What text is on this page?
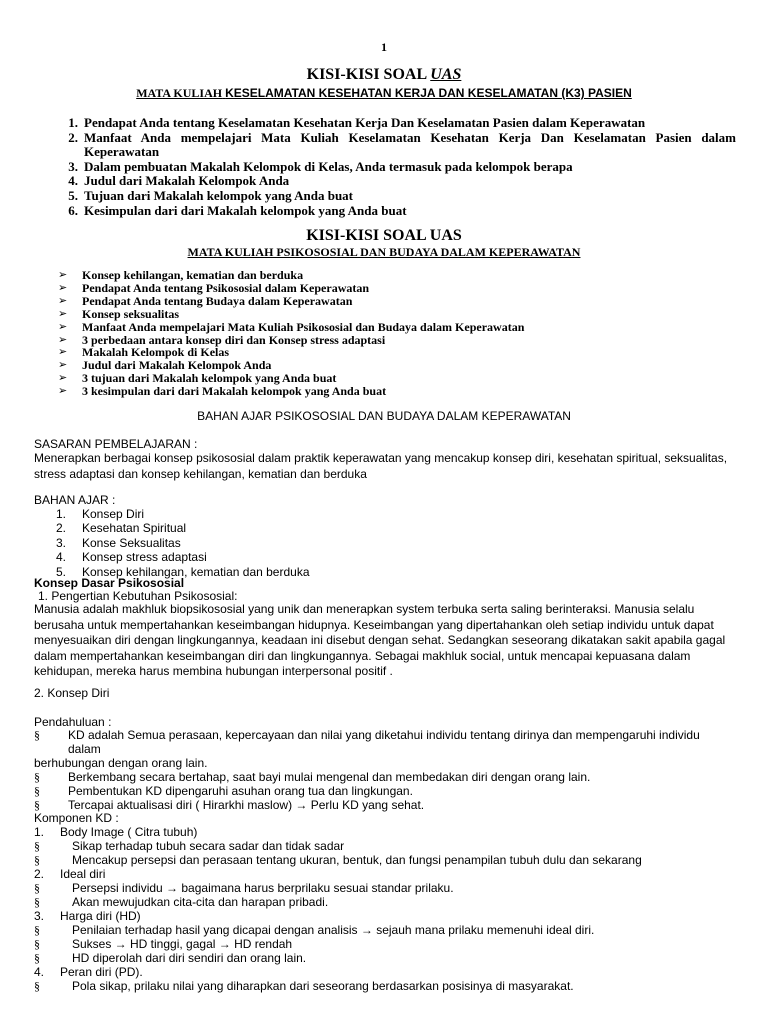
1
KISI-KISI SOAL UAS
MATA KULIAH KESELAMATAN KESEHATAN KERJA DAN KESELAMATAN (K3) PASIEN
1. Pendapat Anda tentang Keselamatan Kesehatan Kerja Dan Keselamatan Pasien dalam Keperawatan
2. Manfaat Anda mempelajari Mata Kuliah Keselamatan Kesehatan Kerja Dan Keselamatan Pasien dalam Keperawatan
3. Dalam pembuatan Makalah Kelompok di Kelas, Anda termasuk pada kelompok berapa
4. Judul dari Makalah Kelompok Anda
5. Tujuan dari Makalah kelompok yang Anda buat
6. Kesimpulan dari dari Makalah kelompok yang Anda buat
KISI-KISI SOAL UAS
MATA KULIAH PSIKOSOSIAL DAN BUDAYA DALAM KEPERAWATAN
➢ Konsep kehilangan, kematian dan berduka
➢ Pendapat Anda tentang Psikososial dalam Keperawatan
➢ Pendapat Anda tentang Budaya dalam Keperawatan
➢ Konsep seksualitas
➢ Manfaat Anda mempelajari Mata Kuliah Psikososial dan Budaya dalam Keperawatan
➢ 3 perbedaan antara konsep diri dan Konsep stress adaptasi
➢ Makalah Kelompok di Kelas
➢ Judul dari Makalah Kelompok Anda
➢ 3 tujuan dari Makalah kelompok yang Anda buat
➢ 3 kesimpulan dari dari Makalah kelompok yang Anda buat
BAHAN AJAR PSIKOSOSIAL DAN BUDAYA DALAM KEPERAWATAN
SASARAN PEMBELAJARAN :
Menerapkan berbagai konsep psikososial dalam praktik keperawatan yang mencakup konsep diri, kesehatan spiritual, seksualitas, stress adaptasi dan konsep kehilangan, kematian dan berduka
BAHAN AJAR :
1. Konsep Diri
2. Kesehatan Spiritual
3. Konse Seksualitas
4. Konsep stress adaptasi
5. Konsep kehilangan, kematian dan berduka
Konsep Dasar Psikososial
1. Pengertian Kebutuhan Psikososial:
Manusia adalah makhluk biopsikososial yang unik dan menerapkan system terbuka serta saling berinteraksi. Manusia selalu berusaha untuk mempertahankan keseimbangan hidupnya. Keseimbangan yang dipertahankan oleh setiap individu untuk dapat menyesuaikan diri dengan lingkungannya, keadaan ini disebut dengan sehat. Sedangkan seseorang dikatakan sakit apabila gagal dalam mempertahankan keseimbangan diri dan lingkungannya. Sebagai makhluk social, untuk mencapai kepuasana dalam kehidupan, mereka harus membina hubungan interpersonal positif .
2. Konsep Diri
Pendahuluan :
§ KD adalah Semua perasaan, kepercayaan dan nilai yang diketahui individu tentang dirinya dan mempengaruhi individu dalam
berhubungan dengan orang lain.
§ Berkembang secara bertahap, saat bayi mulai mengenal dan membedakan diri dengan orang lain.
§ Pembentukan KD dipengaruhi asuhan orang tua dan lingkungan.
§ Tercapai aktualisasi diri ( Hirarkhi maslow) → Perlu KD yang sehat.
Komponen KD :
1. Body Image ( Citra tubuh)
§	Sikap terhadap tubuh secara sadar dan tidak sadar
§	Mencakup persepsi dan perasaan tentang ukuran, bentuk, dan fungsi penampilan tubuh dulu dan sekarang
2. Ideal diri
§	Persepsi individu → bagaimana harus berprilaku sesuai standar prilaku.
§	Akan mewujudkan cita-cita dan harapan pribadi.
3. Harga diri (HD)
§	Penilaian terhadap hasil yang dicapai dengan analisis → sejauh mana prilaku memenuhi ideal diri.
§	Sukses → HD tinggi, gagal → HD rendah
§	HD diperolah dari diri sendiri dan orang lain.
4. Peran diri (PD).
§	Pola sikap, prilaku nilai yang diharapkan dari seseorang berdasarkan posisinya di masyarakat.
